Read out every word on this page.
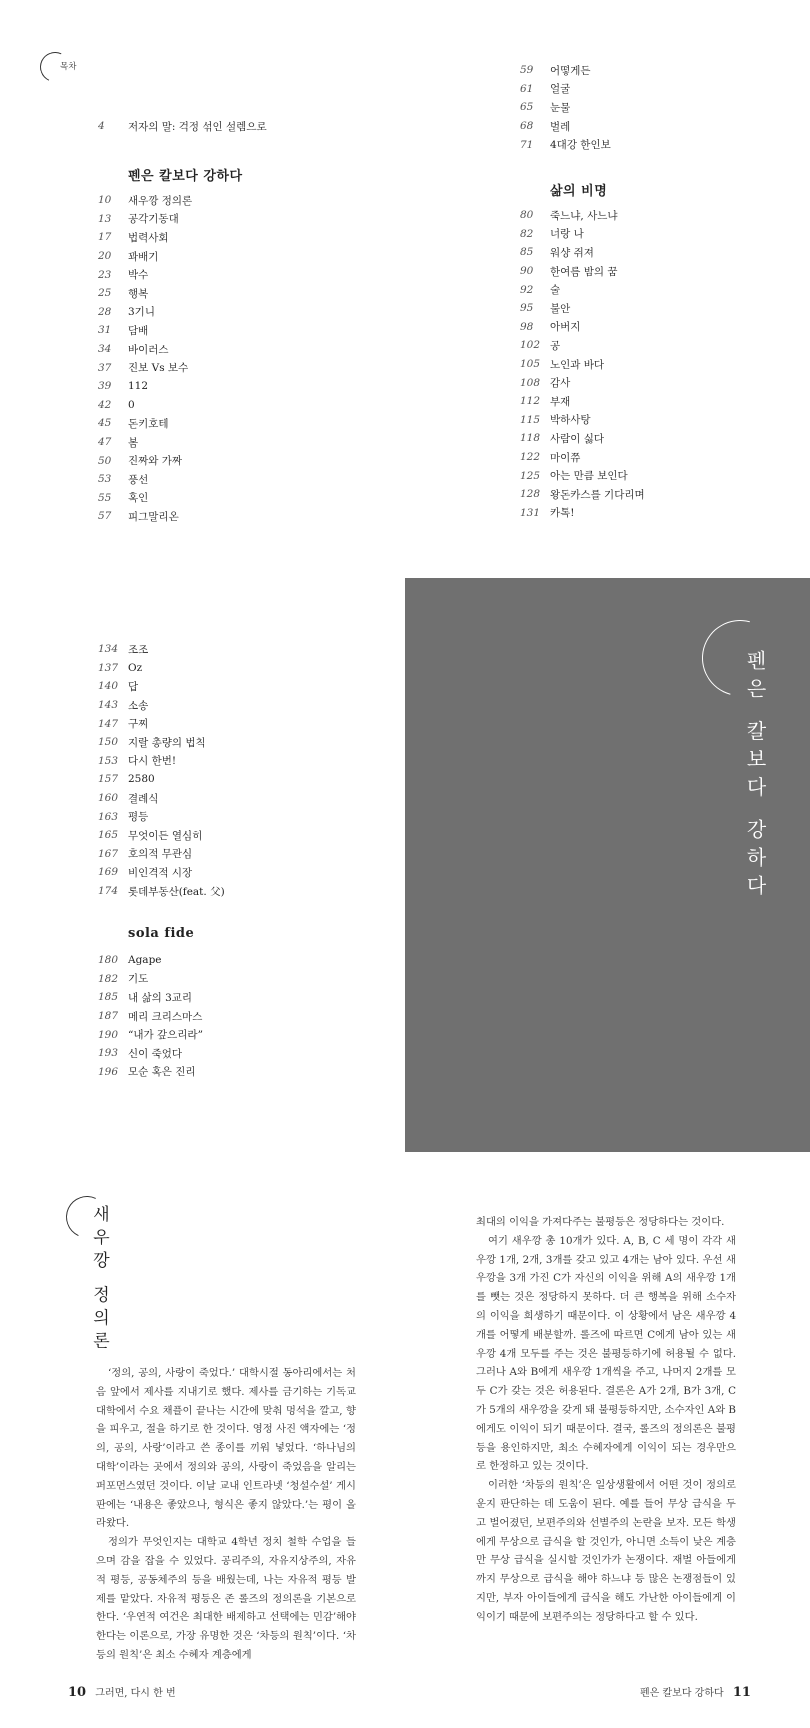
목차
4	저자의 말: 걱정 섞인 설렘으로
펜은 칼보다 강하다
10	새우깡 정의론
13	공각기동대
17	법력사회
20	꽈배기
23	박수
25	행복
28	3기니
31	담배
34	바이러스
37	진보 Vs 보수
39	112
42	0
45	돈키호테
47	봄
50	진짜와 가짜
53	풍선
55	혹인
57	피그말리온
59	어떻게든
61	얼굴
65	눈물
68	벌레
71	4대강 한인보
삶의 비명
80	죽느냐, 사느냐
82	너랑 나
85	워샹 쥐져
90	한여름 밤의 꿈
92	술
95	불안
98	아버지
102 공
105 노인과 바다
108 감사
112 부재
115 박하사탕
118 사람이 싫다
122 마이쮸
125 아는 만큼 보인다
128 왕돈카스를 기다리며
131 카톡!
134 조조
137 Oz
140 답
143 소송
147 구찌
150 지랄 총량의 법칙
153 다시 한번!
157 2580
160 결례식
163 평등
165 무엇이든 열심히
167 호의적 무관심
169 비인격적 시장
174 롯데부동산(feat. 父)
sola fide
180 Agape
182 기도
185 내 삶의 3교리
187 메리 크리스마스
190 “내가 갚으리라”
193 신이 죽었다
196 모순 혹은 진리
펜은 칼보다 강하다
새우깡 정의론

‘정의, 공의, 사랑이 죽었다.’ 대학시절 동아리에서는 처음 앞에서 제사를 지내기로 했다. 제사를 금기하는 기독교 대학에서 수요 채플이 끝나는 시간에 맞춰 멍석을 깔고, 향을 피우고, 절을 하기로 한 것이다. 영정 사진 액자에는 ‘정의, 공의, 사랑’이라고 쓴 종이를 끼워 넣었다. ‘하나님의 대학’이라는 곳에서 정의와 공의, 사랑이 죽었음을 알리는 퍼포먼스였던 것이다. 이날 교내 인트라넷 ‘청설수설’ 게시판에는 ‘내용은 좋았으나, 형식은 좋지 않았다.’는 평이 올라왔다.

정의가 무엇인지는 대학교 4학년 정치 철학 수업을 들으며 감을 잡을 수 있었다. 공리주의, 자유지상주의, 자유적 평등, 공동체주의 등을 배웠는데, 나는 자유적 평등 발제를 맡았다. 자유적 평등은 존 롤즈의 정의론을 기본으로 한다. ‘우연적 여건은 최대한 배제하고 선택에는 민감’해야 한다는 이론으로, 가장 유명한 것은 ‘차등의 원칙’이다. ‘차등의 원칙’은 최소 수혜자 계층에게

최대의 이익을 가져다주는 불평등은 정당하다는 것이다.

여기 새우깡 총 10개가 있다. A, B, C 세 명이 각각 새우깡 1개, 2개, 3개를 갖고 있고 4개는 남아 있다. 우선 새우깡을 3개 가진 C가 자신의 이익을 위해 A의 새우깡 1개를 뺏는 것은 정당하지 못하다. 더 큰 행복을 위해 소수자의 이익을 희생하기 때문이다. 이 상황에서 남은 새우깡 4개를 어떻게 배분할까. 롤즈에 따르면 C에게 남아 있는 새우깡 4개 모두를 주는 것은 불평등하기에 허용될 수 없다. 그러나 A와 B에게 새우깡 1개씩을 주고, 나머지 2개를 모두 C가 갖는 것은 허용된다. 결론은 A가 2개, B가 3개, C가 5개의 새우깡을 갖게 돼 불평등하지만, 소수자인 A와 B에게도 이익이 되기 때문이다. 결국, 롤즈의 정의론은 불평등을 용인하지만, 최소 수혜자에게 이익이 되는 경우만으로 한정하고 있는 것이다.

이러한 ‘차등의 원칙’은 일상생활에서 어떤 것이 정의로운지 판단하는 데 도움이 된다. 예를 들어 무상 급식을 두고 벌어졌던, 보편주의와 선별주의 논란을 보자. 모든 학생에게 무상으로 급식을 할 것인가, 아니면 소득이 낮은 계층만 무상 급식을 실시할 것인가가 논쟁이다. 재벌 아들에게까지 무상으로 급식을 해야 하느냐 등 많은 논쟁점들이 있지만, 부자 아이들에게 급식을 해도 가난한 아이들에게 이익이기 때문에 보편주의는 정당하다고 할 수 있다.

10 그러면, 다시 한 번	펜은 칼보다 강하다 11
